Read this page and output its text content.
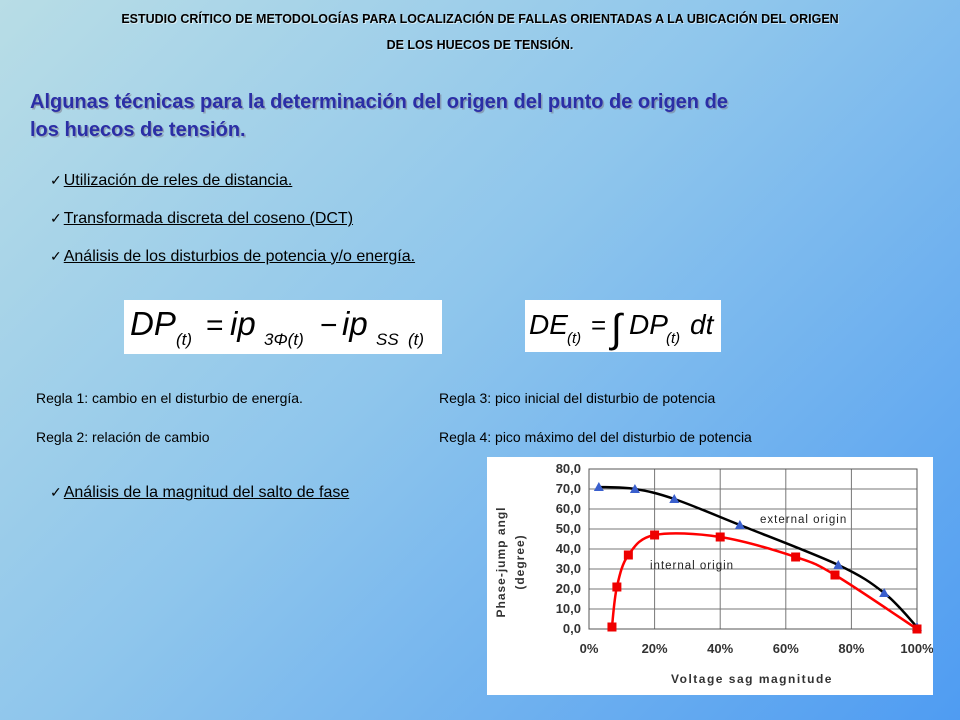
ESTUDIO CRÍTICO DE METODOLOGÍAS PARA LOCALIZACIÓN DE FALLAS ORIENTADAS A LA UBICACIÓN DEL ORIGEN
DE LOS HUECOS DE TENSIÓN.
Algunas técnicas para la determinación del origen del punto de origen de
los huecos de tensión.
✓ Utilización de reles de distancia.
✓ Transformada discreta del coseno (DCT)
✓ Análisis de los disturbios de potencia y/o energía.
DP (t) = ip 3Φ(t) − ip SS (t)	DE (t) = ∫ DP
(t) dt
Regla 1: cambio en el disturbio de energía.
Regla 2: relación de cambio
Regla 3: pico inicial del disturbio de potencia
Regla 4: pico máximo del del disturbio de potencia
✓ Análisis de la magnitud del salto de fase
0,0
10,0
20,0
30,0
40,0
50,0
60,0
70,0
80,0
0%	20%	40%	60%	80%	100%
Phase-jump angl (degree)
Voltage sag magnitude
external origin
internal origin
